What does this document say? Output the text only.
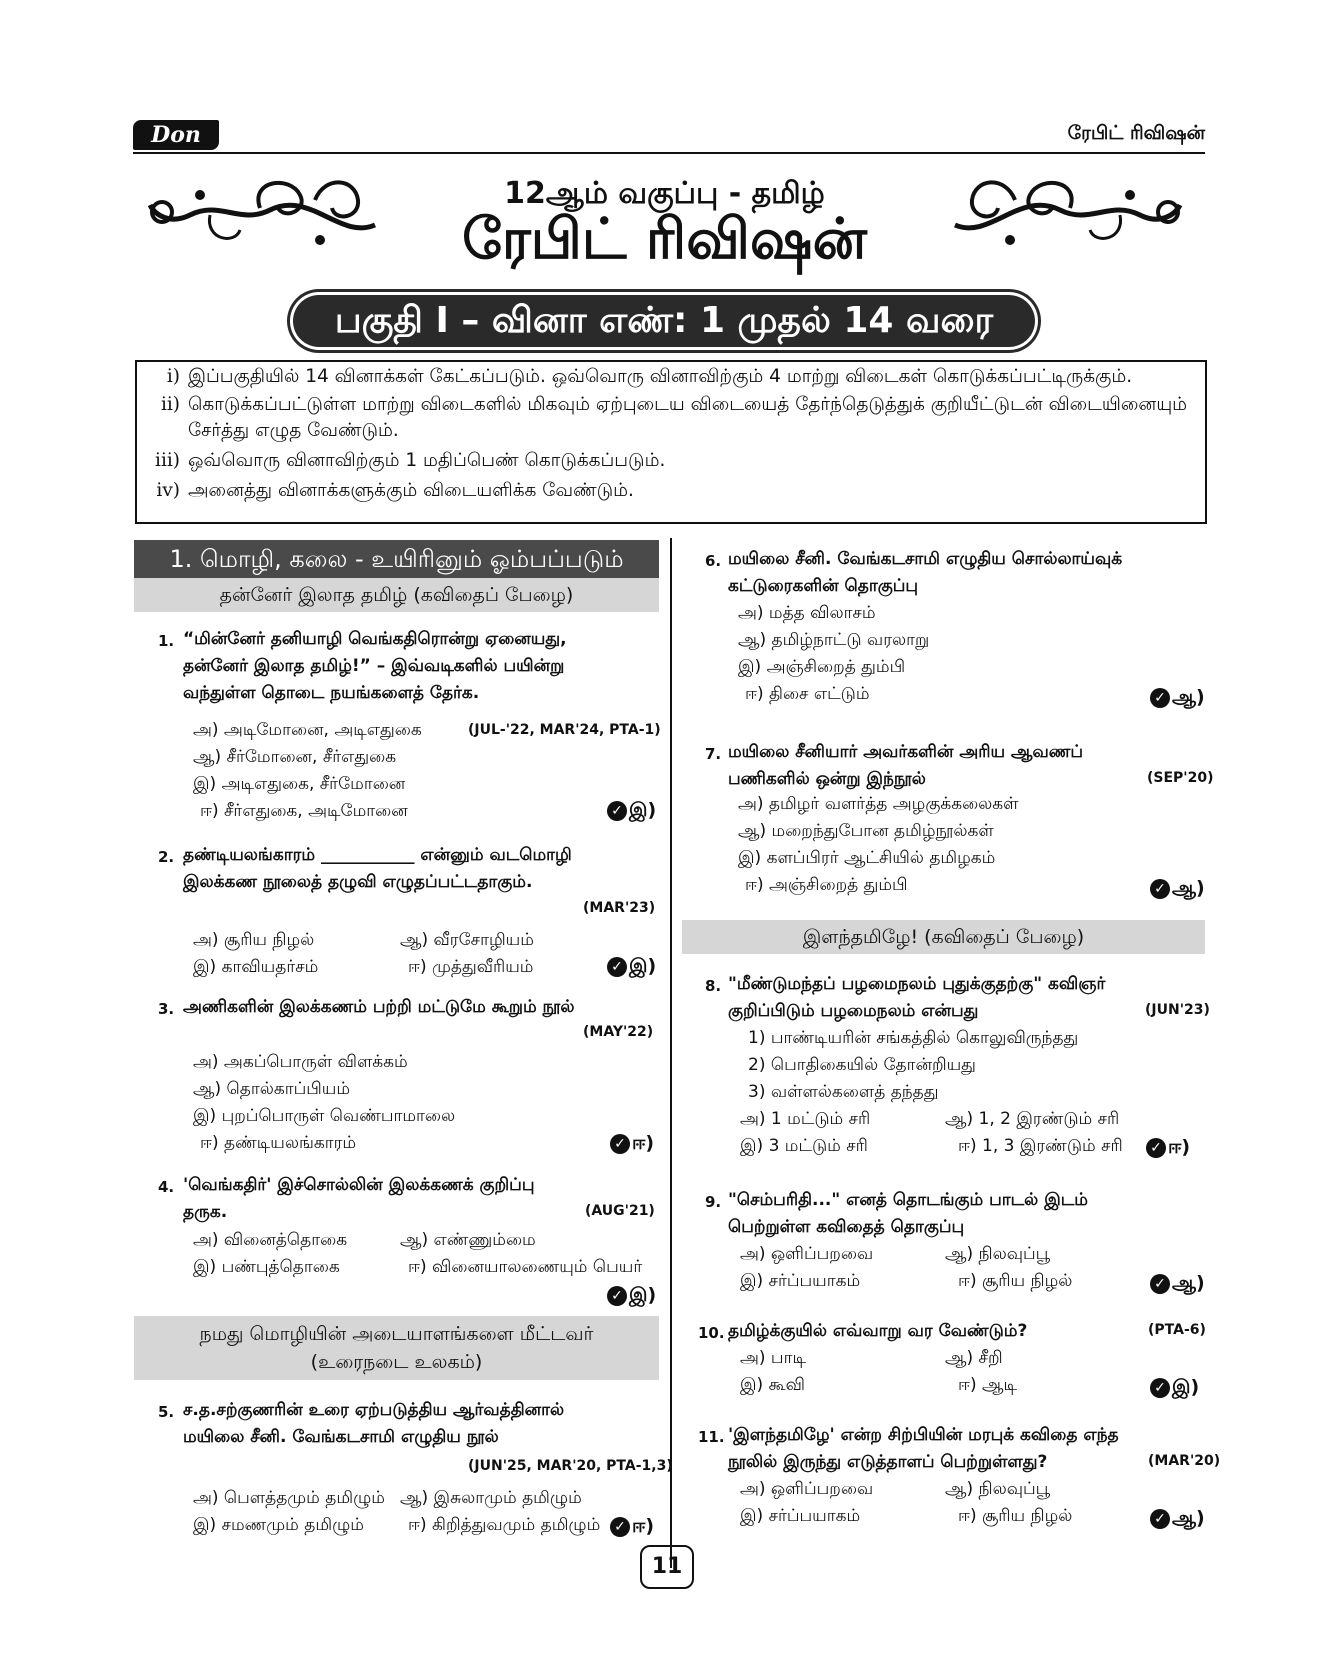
Don	ரேபிட் ரிவிஷன்
12ஆம் வகுப்பு - தமிழ்
ரேபிட் ரிவிஷன்
பகுதி I – வினா எண்: 1 முதல் 14 வரை
i) இப்பகுதியில் 14 வினாக்கள் கேட்கப்படும். ஒவ்வொரு வினாவிற்கும் 4 மாற்று விடைகள் கொடுக்கப்பட்டிருக்கும்.
ii) கொடுக்கப்பட்டுள்ள மாற்று விடைகளில் மிகவும் ஏற்புடைய விடையைத் தேர்ந்தெடுத்துக் குறியீட்டுடன் விடையினையும்
சேர்த்து எழுத வேண்டும்.
iii) ஒவ்வொரு வினாவிற்கும் 1 மதிப்பெண் கொடுக்கப்படும்.
iv) அனைத்து வினாக்களுக்கும் விடையளிக்க வேண்டும்.
1. மொழி, கலை - உயிரினும் ஓம்பப்படும்
தன்னேர் இலாத தமிழ் (கவிதைப் பேழை)
1. “மின்னேர் தனியாழி வெங்கதிரொன்று ஏனையது,
தன்னேர் இலாத தமிழ்!” – இவ்வடிகளில் பயின்று
வந்துள்ள தொடை நயங்களைத் தேர்க.
அ) அடிமோனை, அடிஎதுகை	(JUL-'22, MAR'24, PTA-1)
ஆ) சீர்மோனை, சீர்எதுகை
இ) அடிஎதுகை, சீர்மோனை
ஈ) சீர்எதுகை, அடிமோனை	✓ இ)
2. தண்டியலங்காரம் ___________ என்னும் வடமொழி
இலக்கண நூலைத் தழுவி எழுதப்பட்டதாகும்.
(MAR'23)
அ) சூரிய நிழல்	ஆ) வீரசோழியம்
இ) காவியதர்சம்	ஈ) முத்துவீரியம்	✓ இ)
3. அணிகளின் இலக்கணம் பற்றி மட்டுமே கூறும் நூல்
(MAY'22)
அ) அகப்பொருள் விளக்கம்
ஆ) தொல்காப்பியம்
இ) புறப்பொருள் வெண்பாமாலை
ஈ) தண்டியலங்காரம்	✓ ஈ)
4. 'வெங்கதிர்' இச்சொல்லின் இலக்கணக் குறிப்பு
தருக.	(AUG'21)
அ) வினைத்தொகை	ஆ) எண்ணும்மை
இ) பண்புத்தொகை	ஈ) வினையாலணையும் பெயர்
✓ இ)
நமது மொழியின் அடையாளங்களை மீட்டவர்
(உரைநடை உலகம்)
5. ச.த.சற்குணரின் உரை ஏற்படுத்திய ஆர்வத்தினால்
மயிலை சீனி. வேங்கடசாமி எழுதிய நூல்
(JUN'25, MAR'20, PTA-1,3)
அ) பௌத்தமும் தமிழும் ஆ) இசுலாமும் தமிழும்
இ) சமணமும் தமிழும்	ஈ) கிறித்துவமும் தமிழும் ✓ ஈ)
6. மயிலை சீனி. வேங்கடசாமி எழுதிய சொல்லாய்வுக்
கட்டுரைகளின் தொகுப்பு
அ) மத்த விலாசம்
ஆ) தமிழ்நாட்டு வரலாறு
இ) அஞ்சிறைத் தும்பி
ஈ) திசை எட்டும்	✓ ஆ)
7. மயிலை சீனியார் அவர்களின் அரிய ஆவணப்
பணிகளில் ஒன்று இந்நூல்	(SEP'20)
அ) தமிழர் வளர்த்த அழகுக்கலைகள்
ஆ) மறைந்துபோன தமிழ்நூல்கள்
இ) களப்பிரர் ஆட்சியில் தமிழகம்
ஈ) அஞ்சிறைத் தும்பி	✓ ஆ)
இளந்தமிழே! (கவிதைப் பேழை)
8. "மீண்டுமந்தப் பழமைநலம் புதுக்குதற்கு" கவிஞர்
குறிப்பிடும் பழமைநலம் என்பது	(JUN'23)
1) பாண்டியரின் சங்கத்தில் கொலுவிருந்தது
2) பொதிகையில் தோன்றியது
3) வள்ளல்களைத் தந்தது
அ) 1 மட்டும் சரி	ஆ) 1, 2 இரண்டும் சரி
இ) 3 மட்டும் சரி	ஈ) 1, 3 இரண்டும் சரி ✓ ஈ)
9. "செம்பரிதி..." எனத் தொடங்கும் பாடல் இடம்
பெற்றுள்ள கவிதைத் தொகுப்பு
அ) ஒளிப்பறவை	ஆ) நிலவுப்பூ
இ) சர்ப்பயாகம்	ஈ) சூரிய நிழல்	✓ ஆ)
10. தமிழ்க்குயில் எவ்வாறு வர வேண்டும்?	(PTA-6)
அ) பாடி	ஆ) சீறி
இ) கூவி	ஈ) ஆடி	✓ இ)
11. 'இளந்தமிழே' என்ற சிற்பியின் மரபுக் கவிதை எந்த
நூலில் இருந்து எடுத்தாளப் பெற்றுள்ளது?	(MAR'20)
அ) ஒளிப்பறவை	ஆ) நிலவுப்பூ
இ) சர்ப்பயாகம்	ஈ) சூரிய நிழல்	✓ ஆ)
11
